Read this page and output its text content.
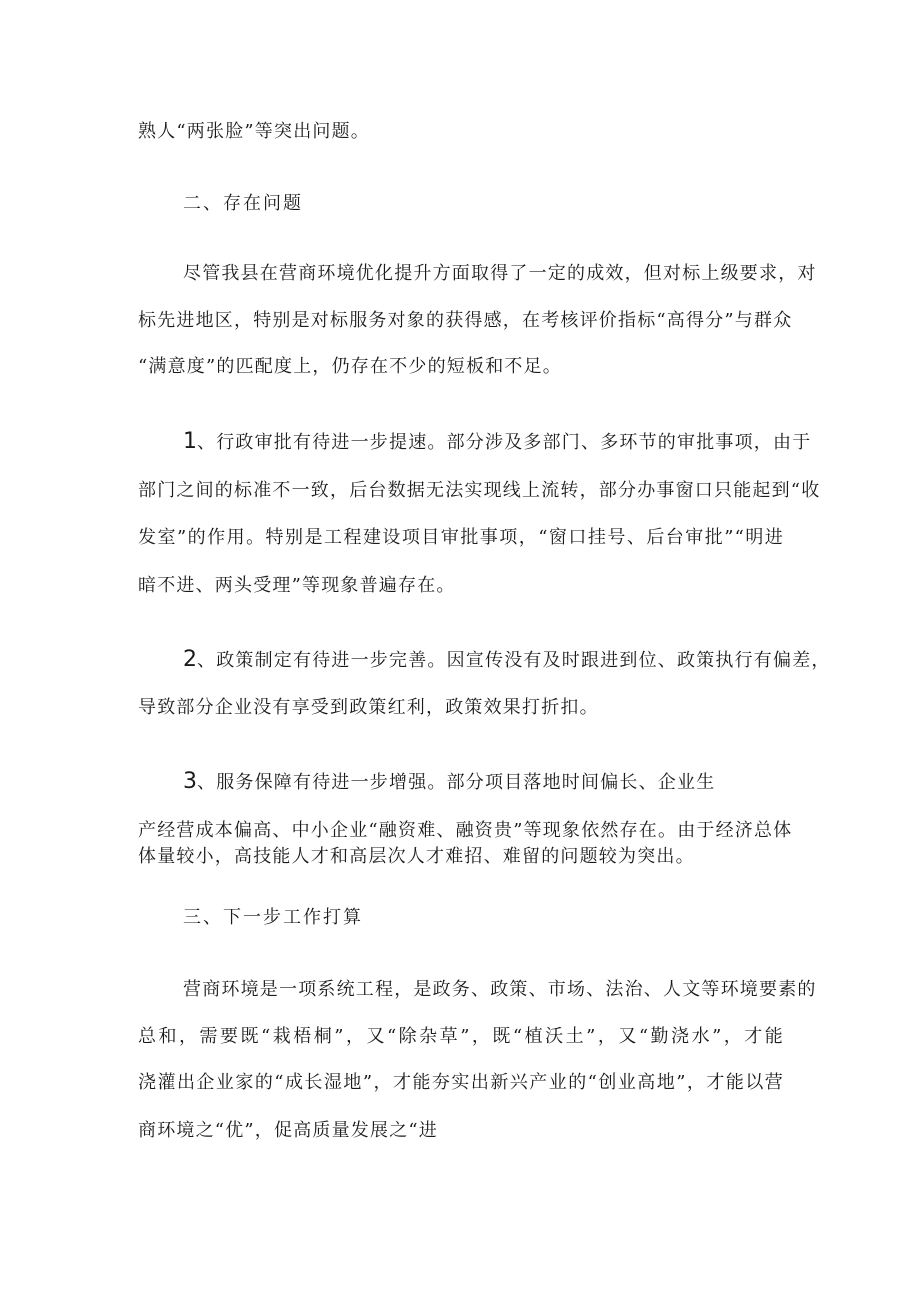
熟人“两张脸”等突出问题。
二、存在问题
尽管我县在营商环境优化提升方面取得了一定的成效，但对标上级要求，对
标先进地区，特别是对标服务对象的获得感，在考核评价指标“高得分”与群众
“满意度”的匹配度上，仍存在不少的短板和不足。
1、行政审批有待进一步提速。部分涉及多部门、多环节的审批事项，由于
部门之间的标准不一致，后台数据无法实现线上流转，部分办事窗口只能起到“收
发室”的作用。特别是工程建设项目审批事项，“窗口挂号、后台审批”“明进
暗不进、两头受理”等现象普遍存在。
2、政策制定有待进一步完善。因宣传没有及时跟进到位、政策执行有偏差，
导致部分企业没有享受到政策红利，政策效果打折扣。
3、服务保障有待进一步增强。部分项目落地时间偏长、企业生
产经营成本偏高、中小企业“融资难、融资贵”等现象依然存在。由于经济总体
体量较小，高技能人才和高层次人才难招、难留的问题较为突出。
三、下一步工作打算
营商环境是一项系统工程，是政务、政策、市场、法治、人文等环境要素的
总和，需要既“栽梧桐”，又“除杂草”，既“植沃土”，又“勤浇水”，才能
浇灌出企业家的“成长湿地”，才能夯实出新兴产业的“创业高地”，才能以营
商环境之“优”，促高质量发展之“进
